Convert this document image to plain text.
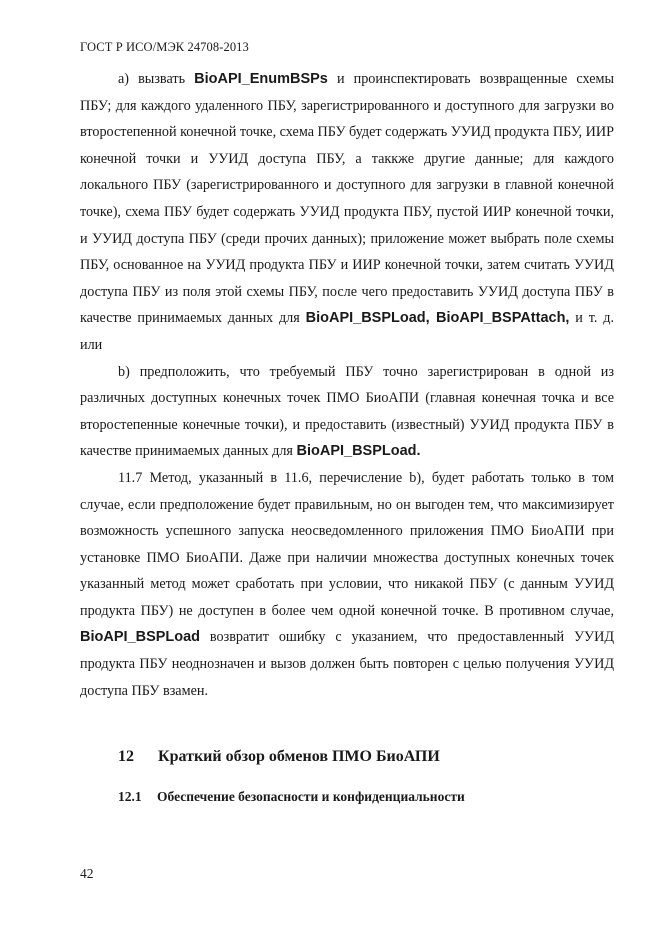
ГОСТ Р ИСО/МЭК 24708-2013

a) вызвать BioAPI_EnumBSPs и проинспектировать возвращенные схемы ПБУ; для каждого удаленного ПБУ, зарегистрированного и доступного для загрузки во второстепенной конечной точке, схема ПБУ будет содержать УУИД продукта ПБУ, ИИР конечной точки и УУИД доступа ПБУ, а таккже другие данные; для каждого локального ПБУ (зарегистрированного и доступного для загрузки в главной конечной точке), схема ПБУ будет содержать УУИД продукта ПБУ, пустой ИИР конечной точки, и УУИД доступа ПБУ (среди прочих данных); приложение может выбрать поле схемы ПБУ, основанное на УУИД продукта ПБУ и ИИР конечной точки, затем считать УУИД доступа ПБУ из поля этой схемы ПБУ, после чего предоставить УУИД доступа ПБУ в качестве принимаемых данных для BioAPI_BSPLoad, BioAPI_BSPAttach, и т. д. или

b) предположить, что требуемый ПБУ точно зарегистрирован в одной из различных доступных конечных точек ПМО БиоАПИ (главная конечная точка и все второстепенные конечные точки), и предоставить (известный) УУИД продукта ПБУ в качестве принимаемых данных для BioAPI_BSPLoad.

11.7 Метод, указанный в 11.6, перечисление b), будет работать только в том случае, если предположение будет правильным, но он выгоден тем, что максимизирует возможность успешного запуска неосведомленного приложения ПМО БиоАПИ при установке ПМО БиоАПИ. Даже при наличии множества доступных конечных точек указанный метод может сработать при условии, что никакой ПБУ (с данным УУИД продукта ПБУ) не доступен в более чем одной конечной точке. В противном случае, BioAPI_BSPLoad возвратит ошибку с указанием, что предоставленный УУИД продукта ПБУ неоднозначен и вызов должен быть повторен с целью получения УУИД доступа ПБУ взамен.

12 Краткий обзор обменов ПМО БиоАПИ
12.1 Обеспечение безопасности и конфиденциальности
42
